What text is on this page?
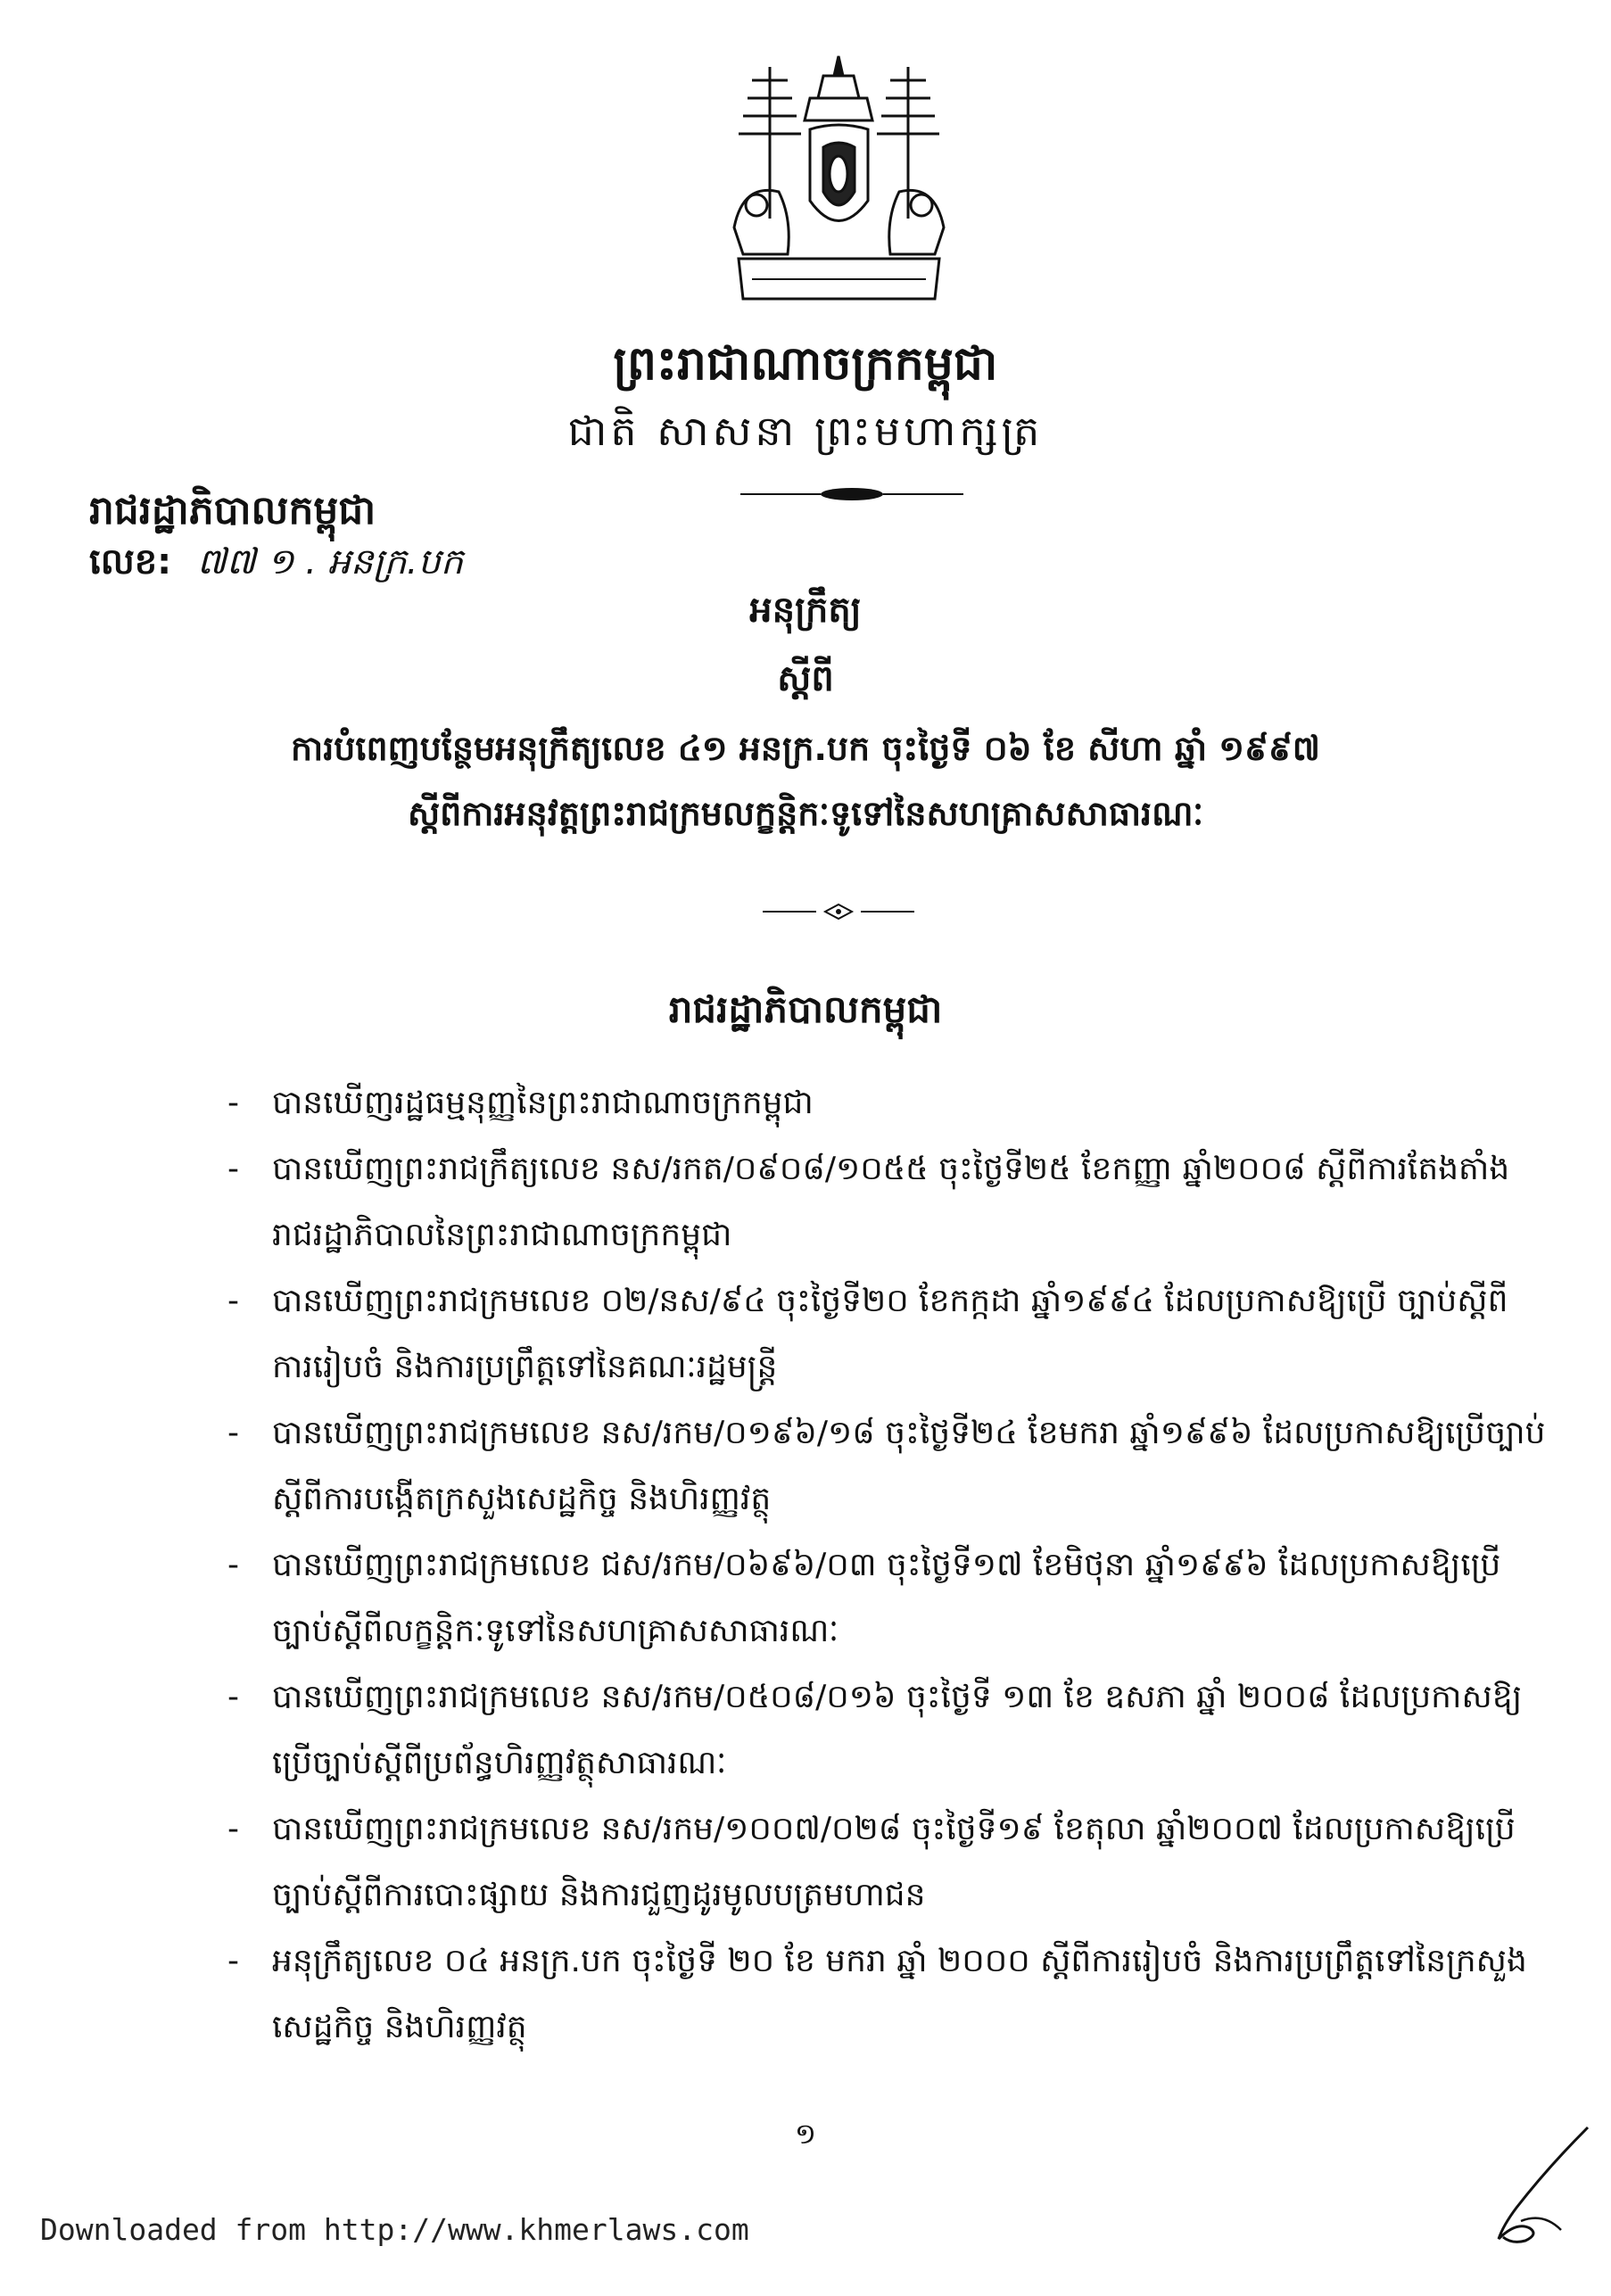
ព្រះរាជាណាចក្រកម្ពុជា
ជាតិ សាសនា ព្រះមហាក្សត្រ
រាជរដ្ឋាភិបាលកម្ពុជា
លេខ: ៧៧ ១ . អនក្រ.បក
អនុក្រឹត្យ
ស្តីពី
ការបំពេញបន្ថែមអនុក្រឹត្យលេខ ៤១ អនក្រ.បក ចុះថ្ងៃទី ០៦ ខែ សីហា ឆ្នាំ ១៩៩៧
ស្តីពីការអនុវត្តព្រះរាជក្រមលក្ខន្តិកៈទូទៅនៃសហគ្រាសសាធារណៈ
រាជរដ្ឋាភិបាលកម្ពុជា
- បានឃើញរដ្ឋធម្មនុញ្ញនៃព្រះរាជាណាចក្រកម្ពុជា
- បានឃើញព្រះរាជក្រឹត្យលេខ នស/រកត/០៩០៨/១០៥៥ ចុះថ្ងៃទី២៥ ខែកញ្ញា ឆ្នាំ២០០៨ ស្តីពីការតែងតាំងរាជរដ្ឋាភិបាលនៃព្រះរាជាណាចក្រកម្ពុជា
- បានឃើញព្រះរាជក្រមលេខ ០២/នស/៩៤ ចុះថ្ងៃទី២០ ខែកក្កដា ឆ្នាំ១៩៩៤ ដែលប្រកាសឱ្យប្រើ ច្បាប់ស្តីពីការរៀបចំ និងការប្រព្រឹត្តទៅនៃគណៈរដ្ឋមន្ត្រី
- បានឃើញព្រះរាជក្រមលេខ នស/រកម/០១៩៦/១៨ ចុះថ្ងៃទី២៤ ខែមករា ឆ្នាំ១៩៩៦ ដែលប្រកាសឱ្យប្រើច្បាប់ស្តីពីការបង្កើតក្រសួងសេដ្ឋកិច្ច និងហិរញ្ញវត្ថុ
- បានឃើញព្រះរាជក្រមលេខ ជស/រកម/០៦៩៦/០៣ ចុះថ្ងៃទី១៧ ខែមិថុនា ឆ្នាំ១៩៩៦ ដែលប្រកាសឱ្យប្រើច្បាប់ស្តីពីលក្ខន្តិកៈទូទៅនៃសហគ្រាសសាធារណៈ
- បានឃើញព្រះរាជក្រមលេខ នស/រកម/០៥០៨/០១៦ ចុះថ្ងៃទី ១៣ ខែ ឧសភា ឆ្នាំ ២០០៨ ដែលប្រកាសឱ្យប្រើច្បាប់ស្តីពីប្រព័ន្ធហិរញ្ញវត្ថុសាធារណៈ
- បានឃើញព្រះរាជក្រមលេខ នស/រកម/១០០៧/០២៨ ចុះថ្ងៃទី១៩ ខែតុលា ឆ្នាំ២០០៧ ដែលប្រកាសឱ្យប្រើច្បាប់ស្តីពីការបោះផ្សាយ និងការជួញដូរមូលបត្រមហាជន
- អនុក្រឹត្យលេខ ០៤ អនក្រ.បក ចុះថ្ងៃទី ២០ ខែ មករា ឆ្នាំ ២០០០ ស្តីពីការរៀបចំ និងការប្រព្រឹត្តទៅនៃក្រសួងសេដ្ឋកិច្ច និងហិរញ្ញវត្ថុ
១
Downloaded from http://www.khmerlaws.com
